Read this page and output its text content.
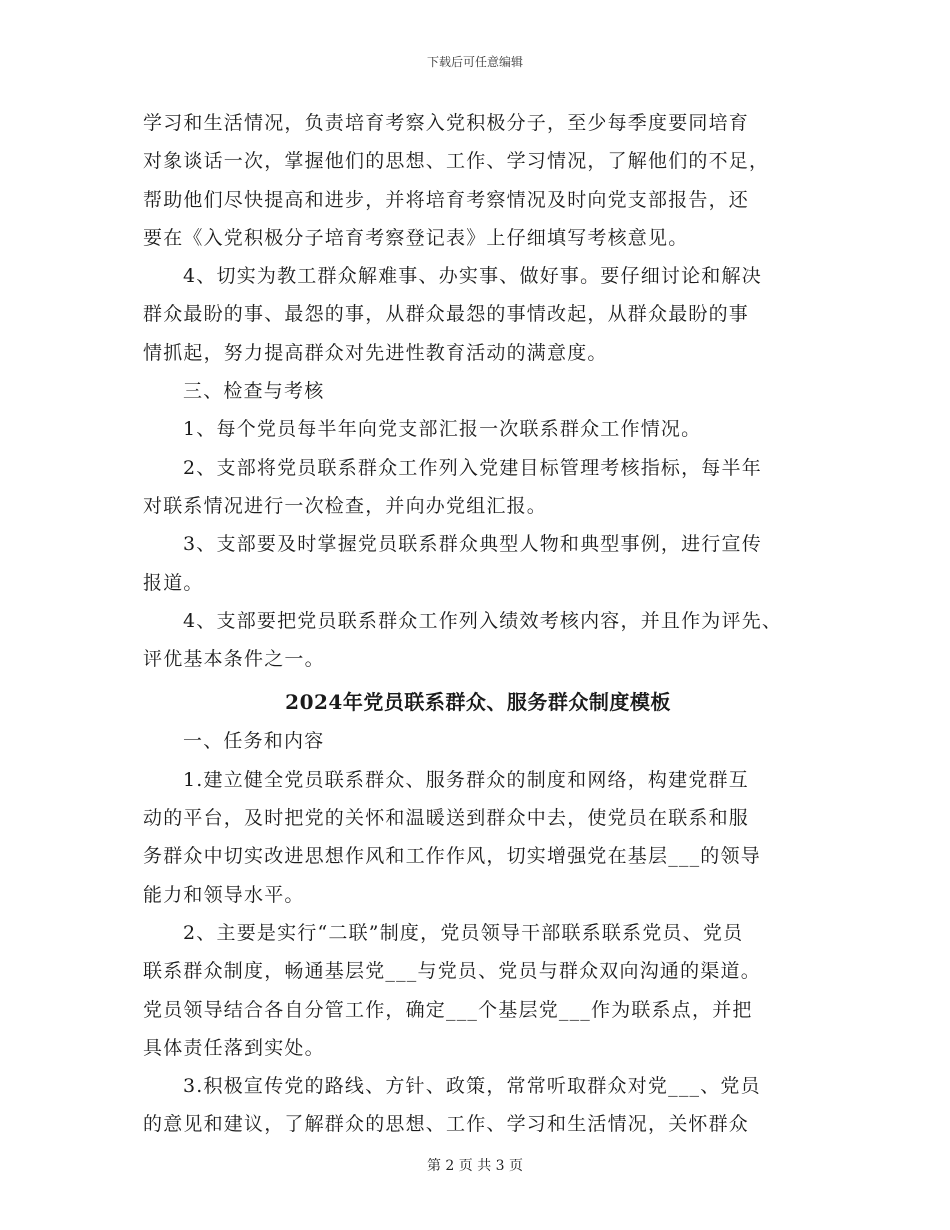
下载后可任意编辑
学习和生活情况，负责培育考察入党积极分子，至少每季度要同培育
对象谈话一次，掌握他们的思想、工作、学习情况，了解他们的不足，
帮助他们尽快提高和进步，并将培育考察情况及时向党支部报告，还
要在《入党积极分子培育考察登记表》上仔细填写考核意见。
4、切实为教工群众解难事、办实事、做好事。要仔细讨论和解决
群众最盼的事、最怨的事，从群众最怨的事情改起，从群众最盼的事
情抓起，努力提高群众对先进性教育活动的满意度。
三、检查与考核
1、每个党员每半年向党支部汇报一次联系群众工作情况。
2、支部将党员联系群众工作列入党建目标管理考核指标，每半年
对联系情况进行一次检查，并向办党组汇报。
3、支部要及时掌握党员联系群众典型人物和典型事例，进行宣传
报道。
4、支部要把党员联系群众工作列入绩效考核内容，并且作为评先、
评优基本条件之一。
2024年党员联系群众、服务群众制度模板
一、任务和内容
1.建立健全党员联系群众、服务群众的制度和网络，构建党群互
动的平台，及时把党的关怀和温暖送到群众中去，使党员在联系和服
务群众中切实改进思想作风和工作作风，切实增强党在基层___的领导
能力和领导水平。
2、主要是实行“二联”制度，党员领导干部联系联系党员、党员
联系群众制度，畅通基层党___与党员、党员与群众双向沟通的渠道。
党员领导结合各自分管工作，确定___个基层党___作为联系点，并把
具体责任落到实处。
3.积极宣传党的路线、方针、政策，常常听取群众对党___、党员
的意见和建议，了解群众的思想、工作、学习和生活情况，关怀群众
第 2 页 共 3 页
